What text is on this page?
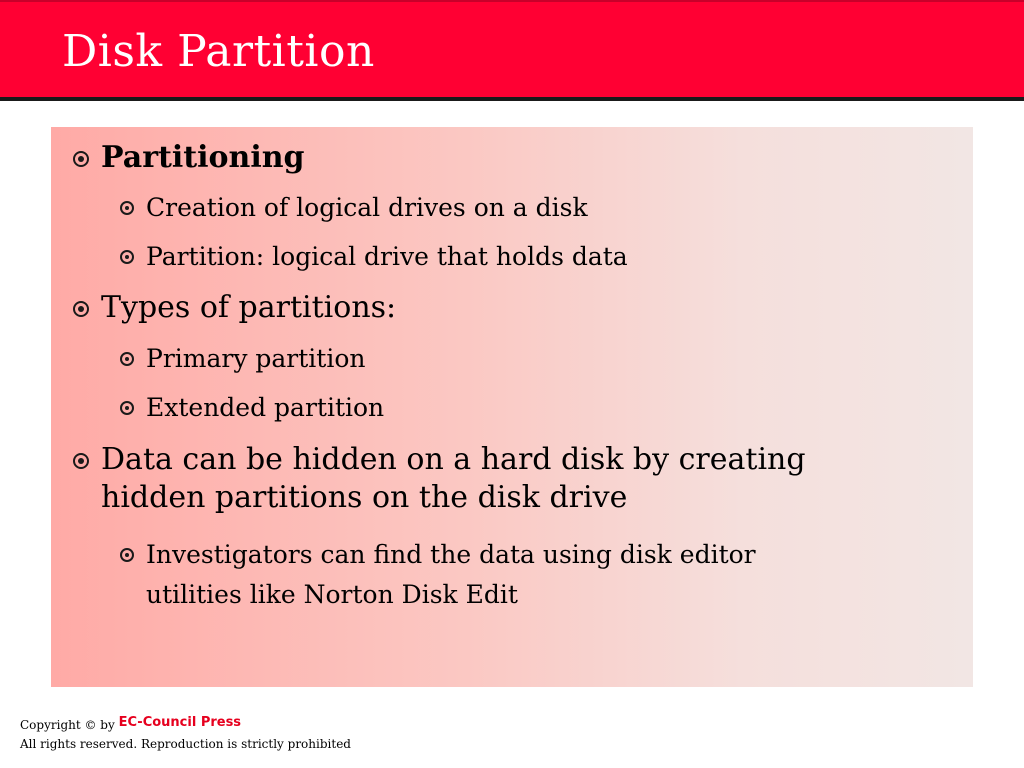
Disk Partition
Partitioning
Creation of logical drives on a disk
Partition: logical drive that holds data
Types of partitions:
Primary partition
Extended partition
Data can be hidden on a hard disk by creating
hidden partitions on the disk drive
Investigators can find the data using disk editor
utilities like Norton Disk Edit
Copyright © by EC-Council Press
All rights reserved. Reproduction is strictly prohibited
